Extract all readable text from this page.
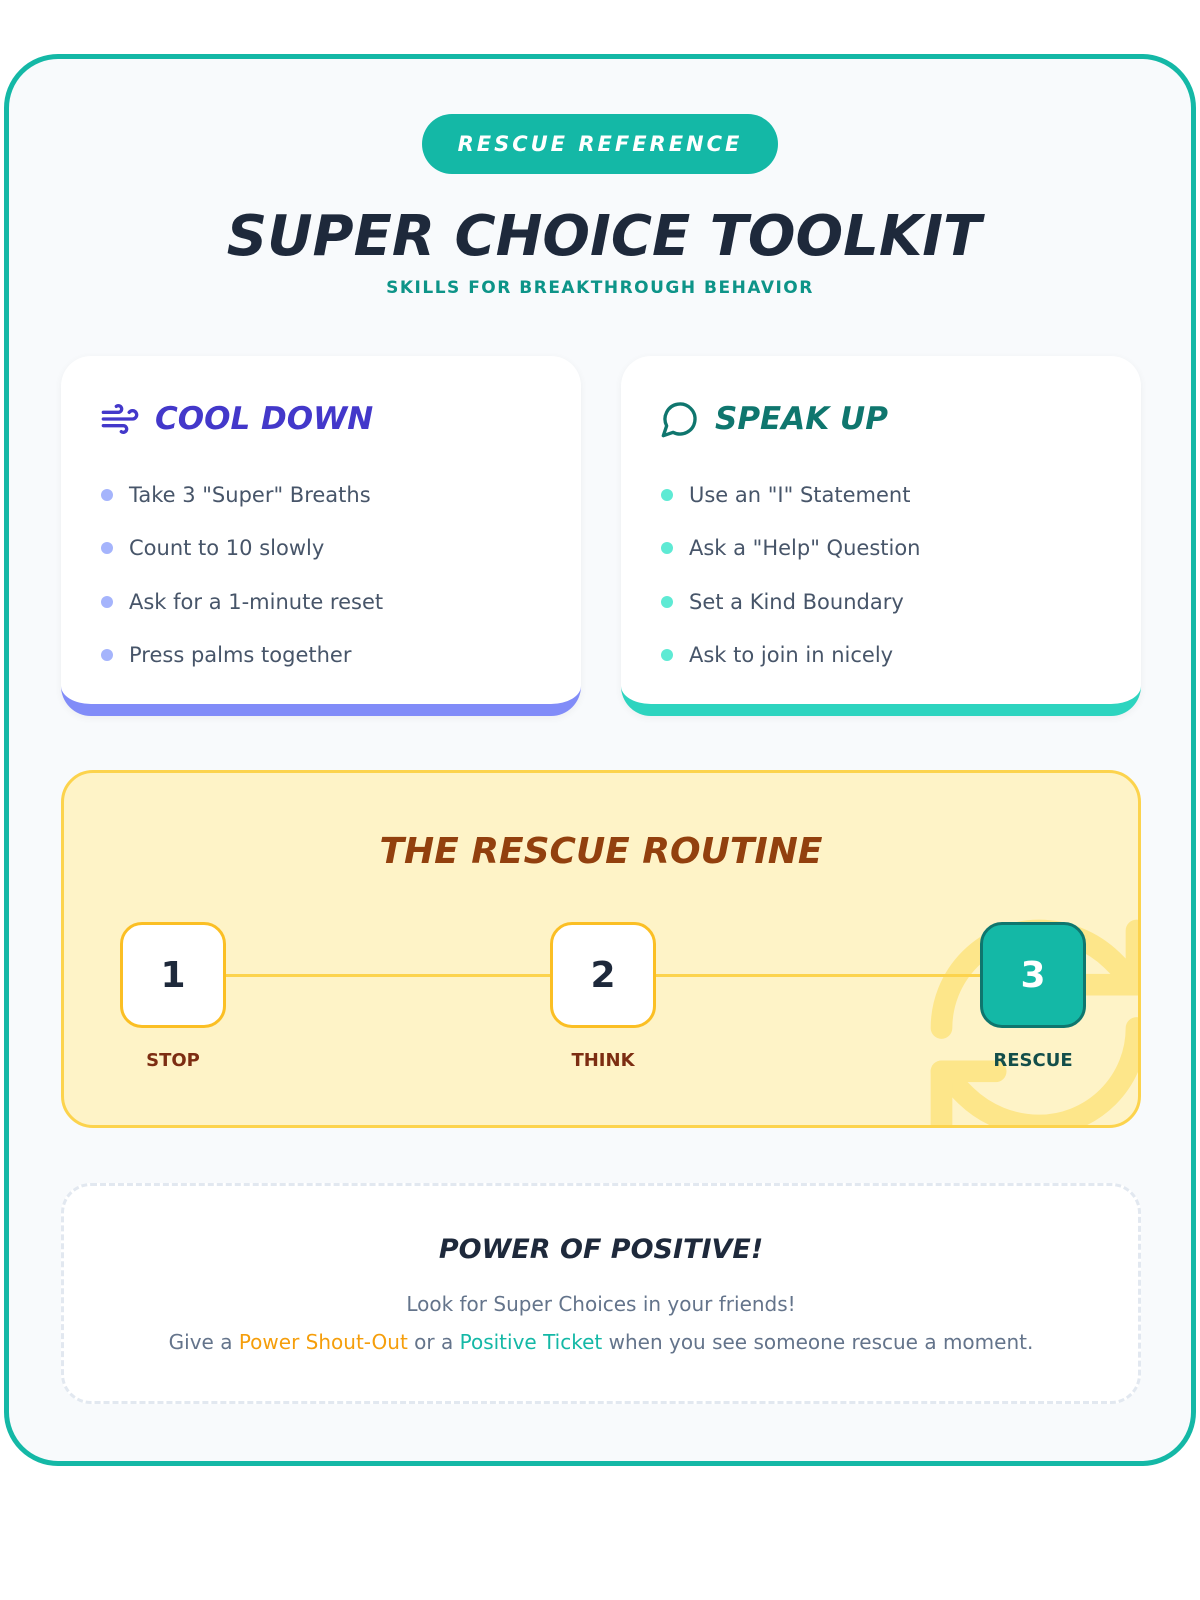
RESCUE REFERENCE
SUPER CHOICE TOOLKIT
SKILLS FOR BREAKTHROUGH BEHAVIOR
COOL DOWN
Take 3 "Super" Breaths
Count to 10 slowly
Ask for a 1-minute reset
Press palms together
SPEAK UP
Use an "I" Statement
Ask a "Help" Question
Set a Kind Boundary
Ask to join in nicely
THE RESCUE ROUTINE
1	2	3
STOP	THINK	RESCUE
POWER OF POSITIVE!
Look for Super Choices in your friends!
Give a Power Shout-Out or a Positive Ticket when you see someone rescue a moment.
